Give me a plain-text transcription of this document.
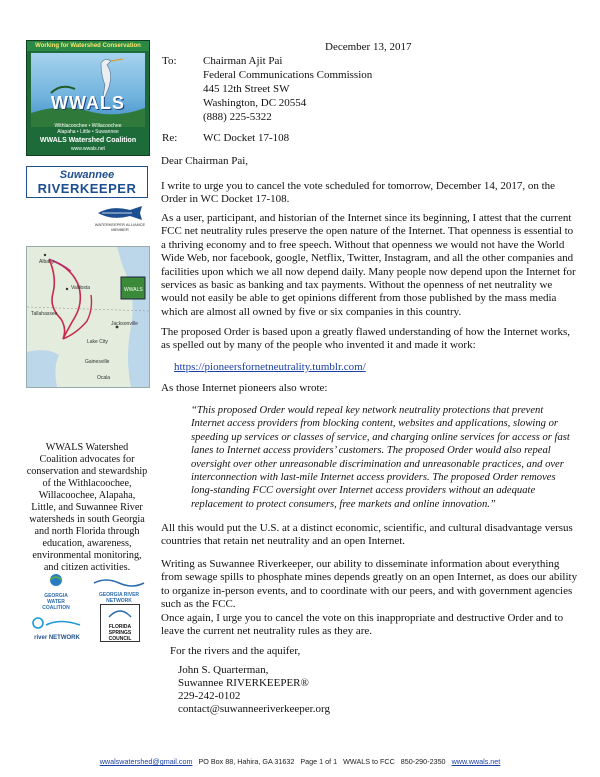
Working for Watershed Conservation
WWALS
Withlacoochee • Willacoochee
Alapaha • Little • Suwannee
WWALS Watershed Coalition
www.wwals.net
Suwannee
RIVERKEEPER
WATERKEEPER ALLIANCE
MEMBER
WWALS
Albany
Valdosta
Tallahassee
Lake City
Jacksonville
Gainesville
Ocala
WWALS Watershed Coalition advocates for conservation and stewardship of the Withlacoochee, Willacoochee, Alapaha, Little, and Suwannee River watersheds in south Georgia and north Florida through education, awareness, environmental monitoring, and citizen activities.
GEORGIA WATER COALITION
GEORGIA RIVER NETWORK
river NETWORK
FLORIDA SPRINGS COUNCIL
December 13, 2017
To: Chairman Ajit Pai
Federal Communications Commission
445 12th Street SW
Washington, DC 20554
(888) 225-5322
Re: WC Docket 17-108

Dear Chairman Pai,

I write to urge you to cancel the vote scheduled for tomorrow, December 14, 2017, on the Order in WC Docket 17-108.

As a user, participant, and historian of the Internet since its beginning, I attest that the current FCC net neutrality rules preserve the open nature of the Internet. That openness is essential to a thriving economy and to free speech. Without that openness we would not have the World Wide Web, nor facebook, google, Netflix, Twitter, Instagram, and all the other companies and facilities upon which we all now depend daily. Many people now depend upon the Internet for services as basic as banking and tax payments. Without the openness of net neutrality we would not easily be able to get opinions different from those published by the mass media which are almost all owned by five or six companies in this country.

The proposed Order is based upon a greatly flawed understanding of how the Internet works, as spelled out by many of the people who invented it and made it work:

https://pioneersfornetneutrality.tumblr.com/

As those Internet pioneers also wrote:

“This proposed Order would repeal key network neutrality protections that prevent Internet access providers from blocking content, websites and applications, slowing or speeding up services or classes of service, and charging online services for access or fast lanes to Internet access providers’ customers. The proposed Order would also repeal oversight over other unreasonable discrimination and unreasonable practices, and over interconnection with last-mile Internet access providers. The proposed Order removes long-standing FCC oversight over Internet access providers without an adequate replacement to protect consumers, free markets and online innovation.”

All this would put the U.S. at a distinct economic, scientific, and cultural disadvantage versus countries that retain net neutrality and an open Internet.

Writing as Suwannee Riverkeeper, our ability to disseminate information about everything from sewage spills to phosphate mines depends greatly on an open Internet, as does our ability to organize in-person events, and to coordinate with our peers, and with government agencies such as the FCC.

Once again, I urge you to cancel the vote on this inappropriate and destructive Order and to leave the current net neutrality rules as they are.

For the rivers and the aquifer,
John S. Quarterman,
Suwannee RIVERKEEPER®
229-242-0102
contact@suwanneeriverkeeper.org
wwalswatershed@gmail.com PO Box 88, Hahira, GA 31632 Page 1 of 1 WWALS to FCC 850-290-2350 www.wwals.net
